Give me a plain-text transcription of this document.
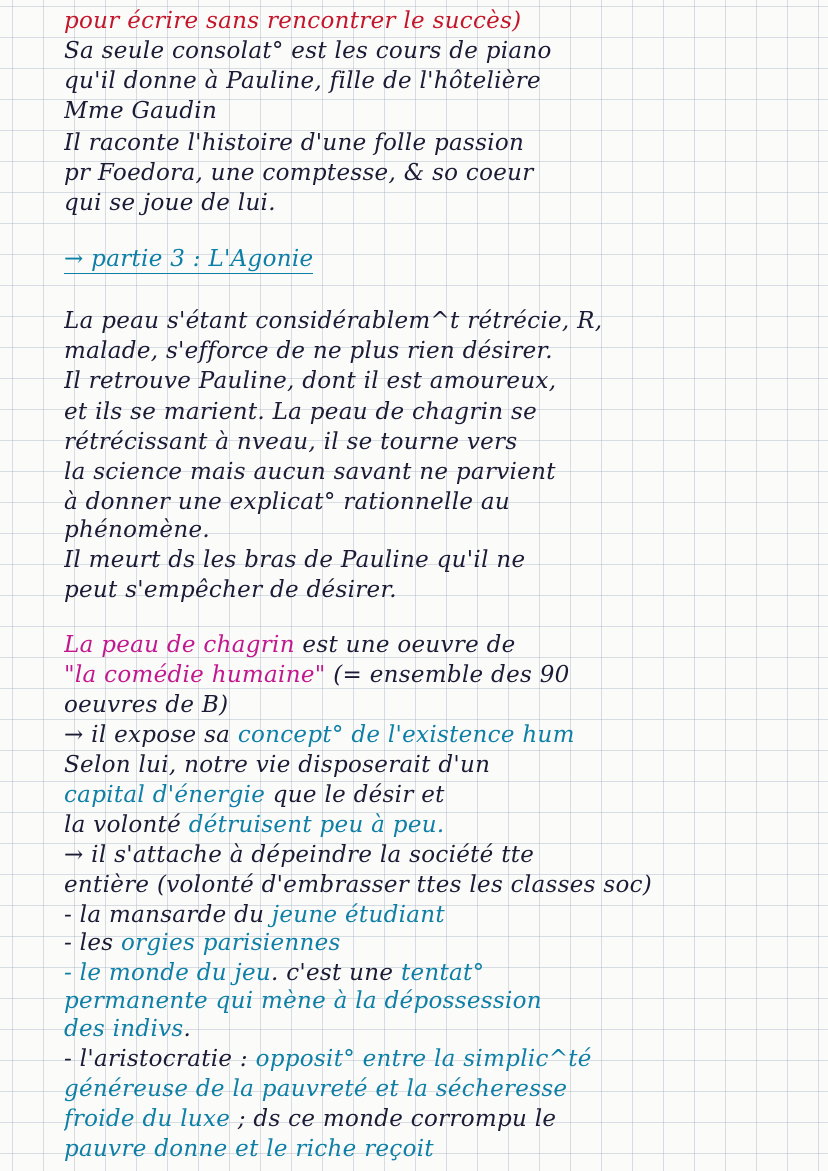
pour écrire sans rencontrer le succès)
Sa seule consolat° est les cours de piano
qu'il donne à Pauline, fille de l'hôtelière
Mme Gaudin
Il raconte l'histoire d'une folle passion
pr Foedora, une comptesse, & so coeur
qui se joue de lui.
→ partie 3 : L'Agonie
La peau s'étant considérablem^t rétrécie, R,
malade, s'efforce de ne plus rien désirer.
Il retrouve Pauline, dont il est amoureux,
et ils se marient. La peau de chagrin se
rétrécissant à nveau, il se tourne vers
la science mais aucun savant ne parvient
à donner une explicat° rationnelle au
phénomène.
Il meurt ds les bras de Pauline qu'il ne
peut s'empêcher de désirer.
La peau de chagrin est une oeuvre de
"la comédie humaine" (= ensemble des 90
oeuvres de B)
→ il expose sa concept° de l'existence hum
Selon lui, notre vie disposerait d'un
capital d'énergie que le désir et
la volonté détruisent peu à peu.
→ il s'attache à dépeindre la société tte
entière (volonté d'embrasser ttes les classes soc)
- la mansarde du jeune étudiant
- les orgies parisiennes
- le monde du jeu. c'est une tentat°
permanente qui mène à la dépossession
des indivs.
- l'aristocratie : opposit° entre la simplic^té
généreuse de la pauvreté et la sécheresse
froide du luxe ; ds ce monde corrompu le
pauvre donne et le riche reçoit
